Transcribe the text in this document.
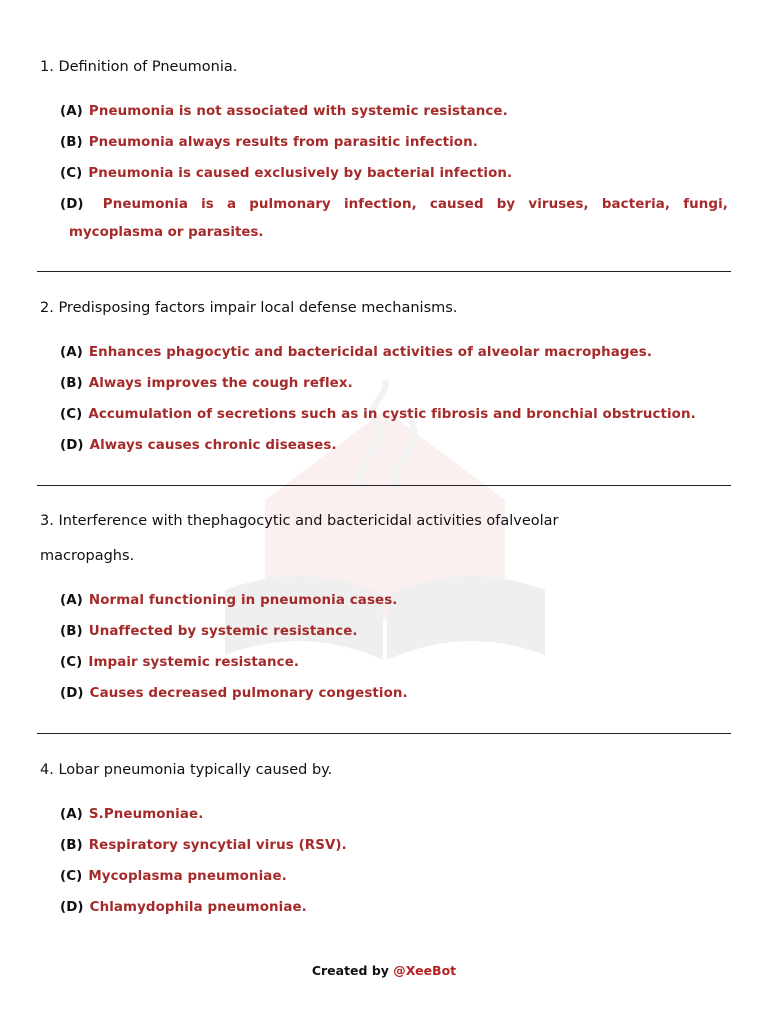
1. Definition of Pneumonia.
(A) Pneumonia is not associated with systemic resistance.
(B) Pneumonia always results from parasitic infection.
(C) Pneumonia is caused exclusively by bacterial infection.
(D) Pneumonia is a pulmonary infection, caused by viruses, bacteria, fungi,
mycoplasma or parasites.
2. Predisposing factors impair local defense mechanisms.
(A) Enhances phagocytic and bactericidal activities of alveolar macrophages.
(B) Always improves the cough reflex.
(C) Accumulation of secretions such as in cystic fibrosis and bronchial obstruction.
(D) Always causes chronic diseases.
3. Interference with thephagocytic and bactericidal activities ofalveolar
macropaghs.
(A) Normal functioning in pneumonia cases.
(B) Unaffected by systemic resistance.
(C) Impair systemic resistance.
(D) Causes decreased pulmonary congestion.
4. Lobar pneumonia typically caused by.
(A) S.Pneumoniae.
(B) Respiratory syncytial virus (RSV).
(C) Mycoplasma pneumoniae.
(D) Chlamydophila pneumoniae.
Created by @XeeBot
